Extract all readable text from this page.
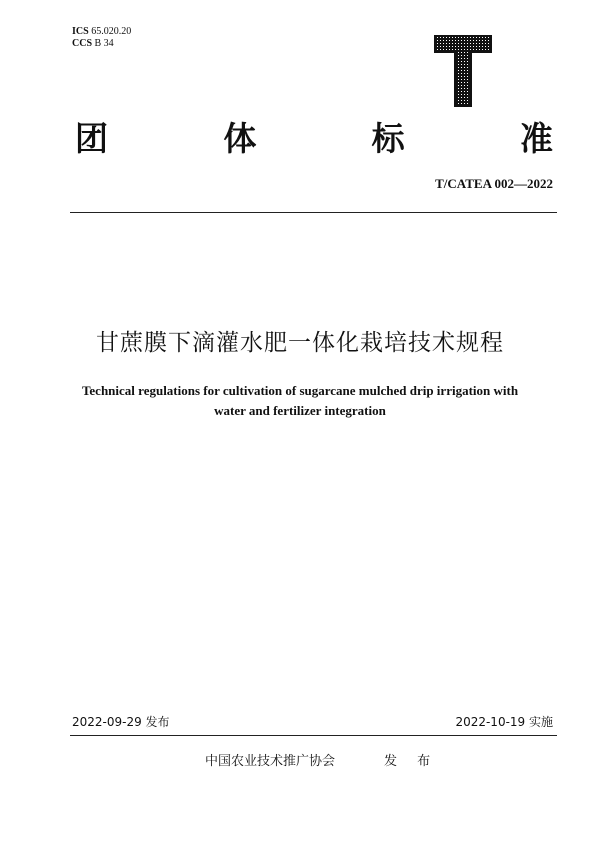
ICS 65.020.20
CCS B 34
团	体	标	准
T/CATEA 002—2022
甘蔗膜下滴灌水肥一体化栽培技术规程
Technical regulations for cultivation of sugarcane mulched drip irrigation with
water and fertilizer integration
2022-09-29 发布	2022-10-19 实施
中国农业技术推广协会	发 布
